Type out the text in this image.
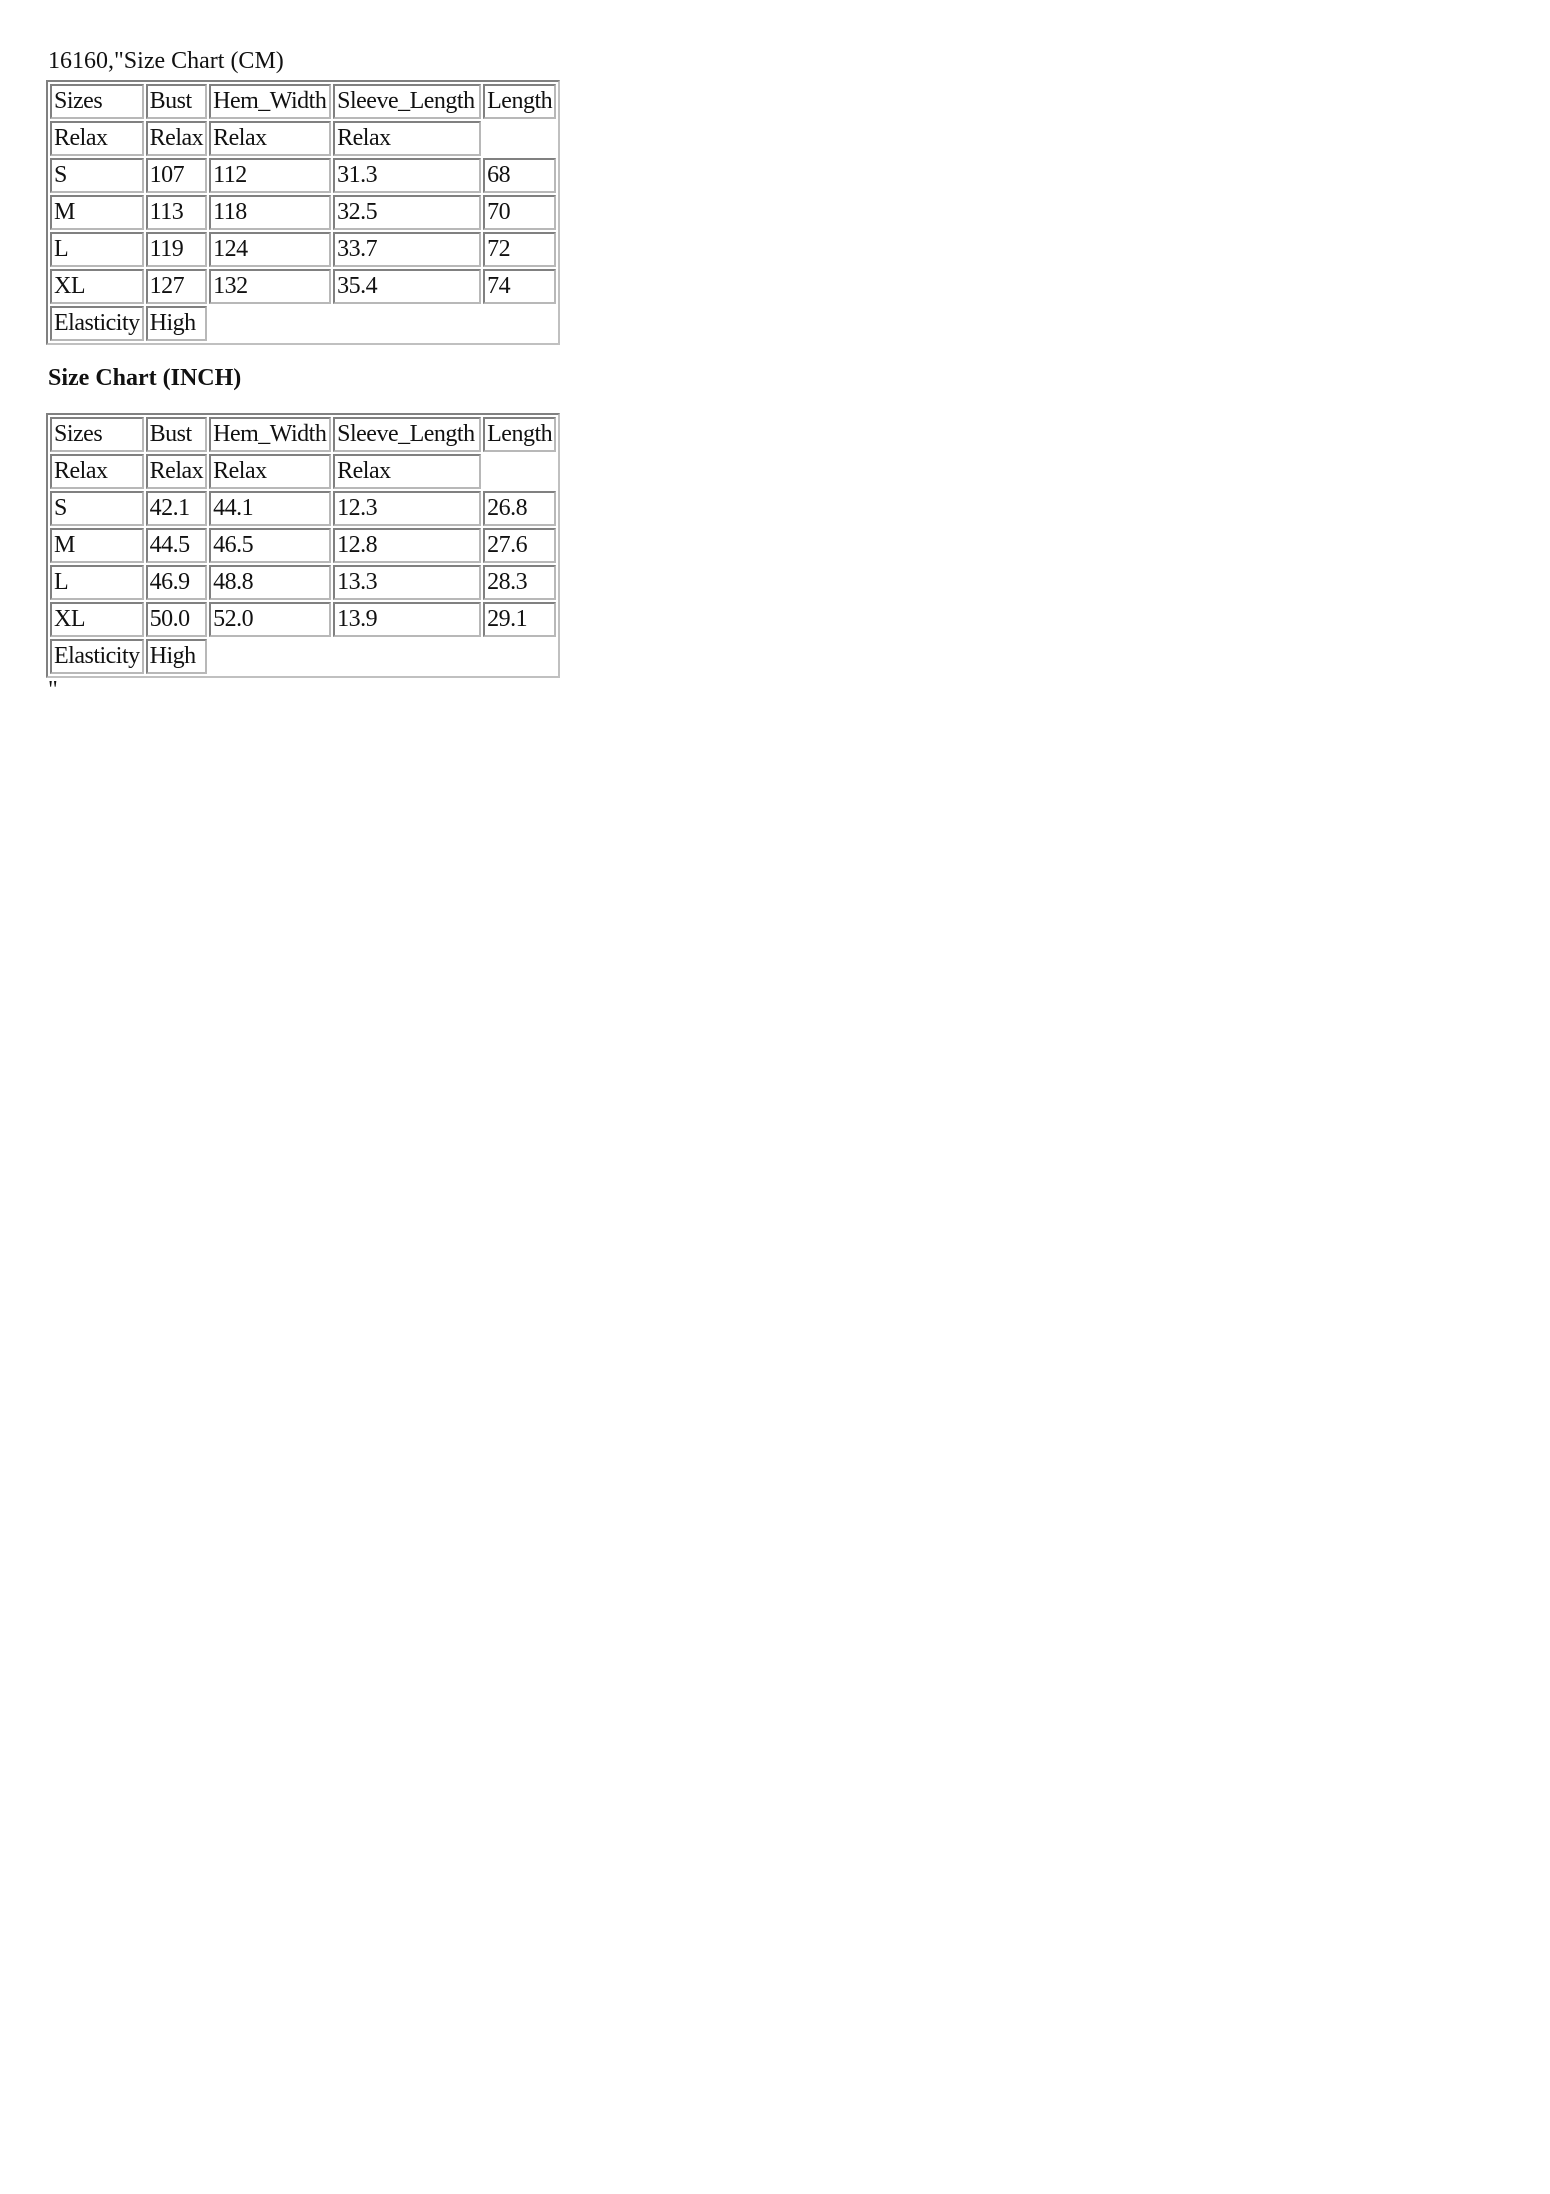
16160,"Size Chart (CM)
Sizes	Bust	Hem_Width	Sleeve_Length	Length
Relax	Relax	Relax	Relax	
S	107	112	31.3	68
M	113	118	32.5	70
L	119	124	33.7	72
XL	127	132	35.4	74
Elasticity	High			
Size Chart (INCH)
Sizes	Bust	Hem_Width	Sleeve_Length	Length
Relax	Relax	Relax	Relax	
S	42.1	44.1	12.3	26.8
M	44.5	46.5	12.8	27.6
L	46.9	48.8	13.3	28.3
XL	50.0	52.0	13.9	29.1
Elasticity	High			
"
